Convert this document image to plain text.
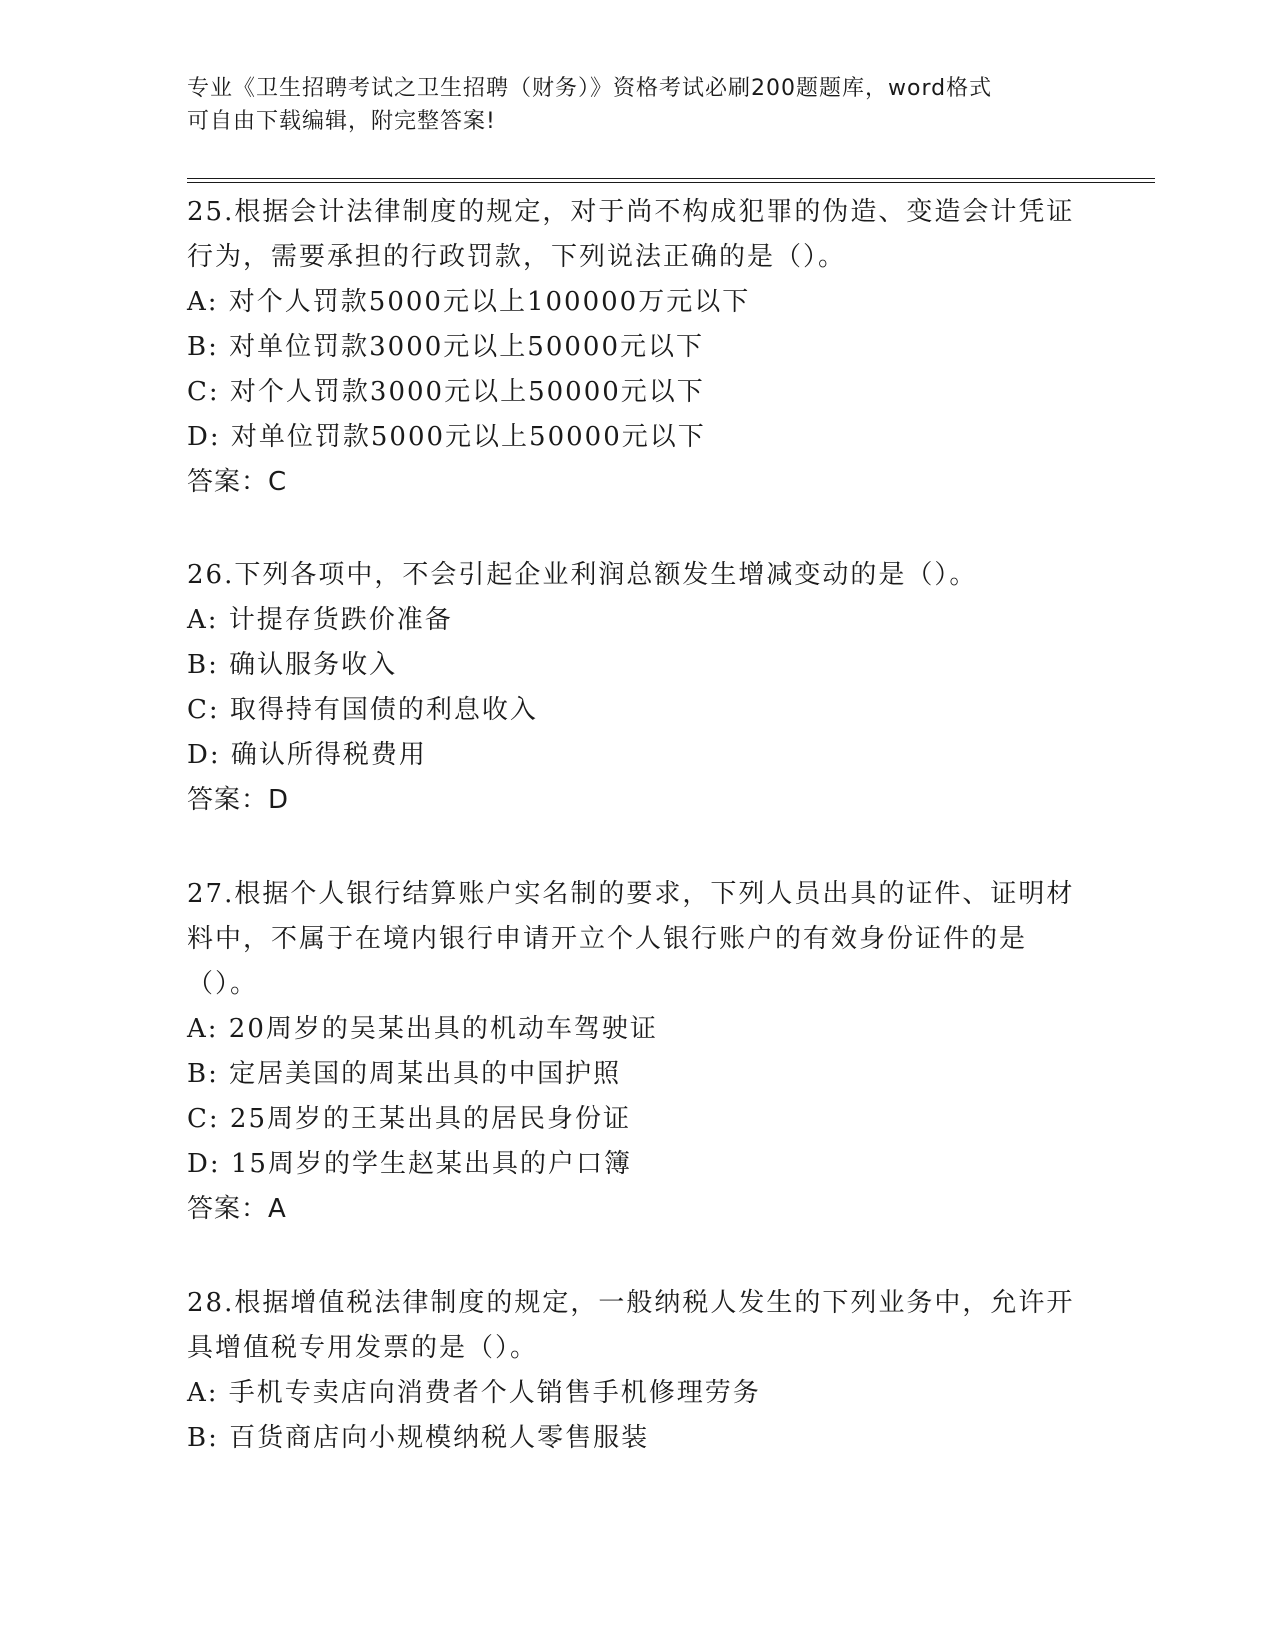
专业《卫生招聘考试之卫生招聘（财务）》资格考试必刷200题题库，word格式
可自由下载编辑，附完整答案!

25.根据会计法律制度的规定，对于尚不构成犯罪的伪造、变造会计凭证行为，需要承担的行政罚款，下列说法正确的是（）。

A: 对个人罚款5000元以上100000万元以下
B: 对单位罚款3000元以上50000元以下
C: 对个人罚款3000元以上50000元以下
D: 对单位罚款5000元以上50000元以下
答案：C

26.下列各项中，不会引起企业利润总额发生增减变动的是（）。

A: 计提存货跌价准备
B: 确认服务收入
C: 取得持有国债的利息收入
D: 确认所得税费用
答案：D

27.根据个人银行结算账户实名制的要求，下列人员出具的证件、证明材料中，不属于在境内银行申请开立个人银行账户的有效身份证件的是（）。

A: 20周岁的吴某出具的机动车驾驶证
B: 定居美国的周某出具的中国护照
C: 25周岁的王某出具的居民身份证
D: 15周岁的学生赵某出具的户口簿
答案：A

28.根据增值税法律制度的规定，一般纳税人发生的下列业务中，允许开具增值税专用发票的是（）。

A: 手机专卖店向消费者个人销售手机修理劳务
B: 百货商店向小规模纳税人零售服装
